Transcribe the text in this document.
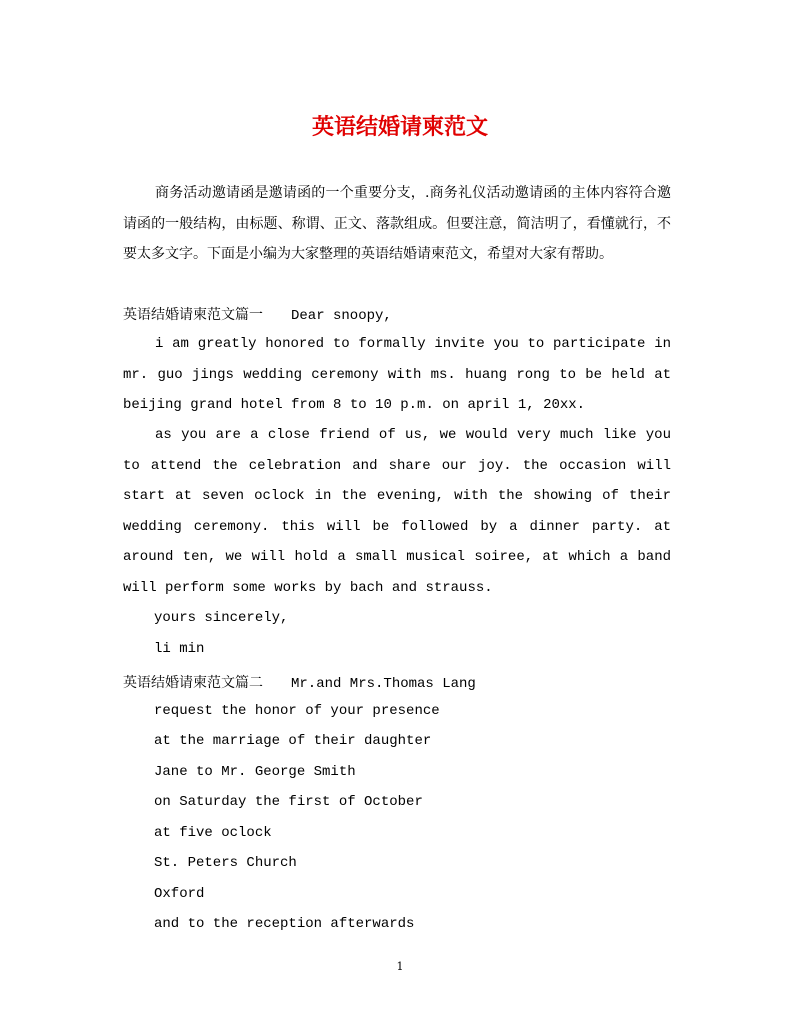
英语结婚请柬范文

商务活动邀请函是邀请函的一个重要分支，.商务礼仪活动邀请函的主体内容符合邀请函的一般结构，由标题、称谓、正文、落款组成。但要注意，简洁明了，看懂就行，不要太多文字。下面是小编为大家整理的英语结婚请柬范文，希望对大家有帮助。

英语结婚请柬范文篇一 Dear snoopy,

i am greatly honored to formally invite you to participate in mr. guo jings wedding ceremony with ms. huang rong to be held at beijing grand hotel from 8 to 10 p.m. on april 1, 20xx.

as you are a close friend of us, we would very much like you to attend the celebration and share our joy. the occasion will start at seven oclock in the evening, with the showing of their wedding ceremony. this will be followed by a dinner party. at around ten, we will hold a small musical soiree, at which a band will perform some works by bach and strauss.

yours sincerely,
li min
英语结婚请柬范文篇二 Mr.and Mrs.Thomas Lang
request the honor of your presence
at the marriage of their daughter
Jane to Mr. George Smith
on Saturday the first of October
at five oclock
St. Peters Church
Oxford
and to the reception afterwards
1
